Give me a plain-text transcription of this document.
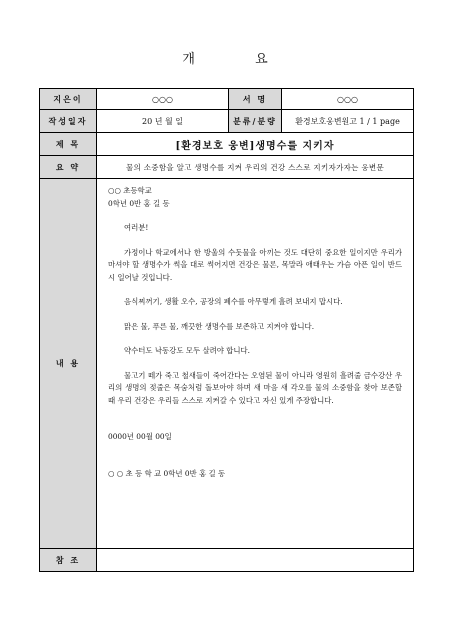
개 요
지은이	○○○	서 명	○○○
작성일자	20 년 월 일	분류/분량	환경보호웅변원고 1 / 1 page
제 목	[환경보호 웅변]생명수를 지키자
요 약	물의 소중함을 알고 생명수를 지켜 우리의 건강 스스로 지키자가자는 웅변문
내 용

○○ 초등학교

0학년 0반 홍 길 동

여러분!

가정이나 학교에서나 한 방울의 수돗물을 아끼는 것도 대단히 중요한 일이지만 우리가 마셔야 할 생명수가 썩을 대로 썩어지면 건강은 물론, 목말라 애태우는 가슴 아픈 일이 반드시 일어날 것입니다.

음식찌꺼기, 생활 오수, 공장의 폐수를 아무렇게 흘려 보내지 맙시다.

맑은 물, 푸른 물, 깨끗한 생명수를 보존하고 지켜야 합니다.

약수터도 낙동강도 모두 살려야 합니다.

물고기 떼가 죽고 철새들이 죽어간다는 오염된 물이 아니라 영원히 흘려줄 금수강산 우리의 생명의 젖줄은 목숨처럼 돌보아야 하며 새 마음 새 각오를 물의 소중함을 찾아 보존할 때 우리 건강은 우리들 스스로 지켜갈 수 있다고 자신 있게 주장합니다.

0000년 00월 00일

○ ○ 초 등 학 교 0학년 0반 홍 길 동

참 조
